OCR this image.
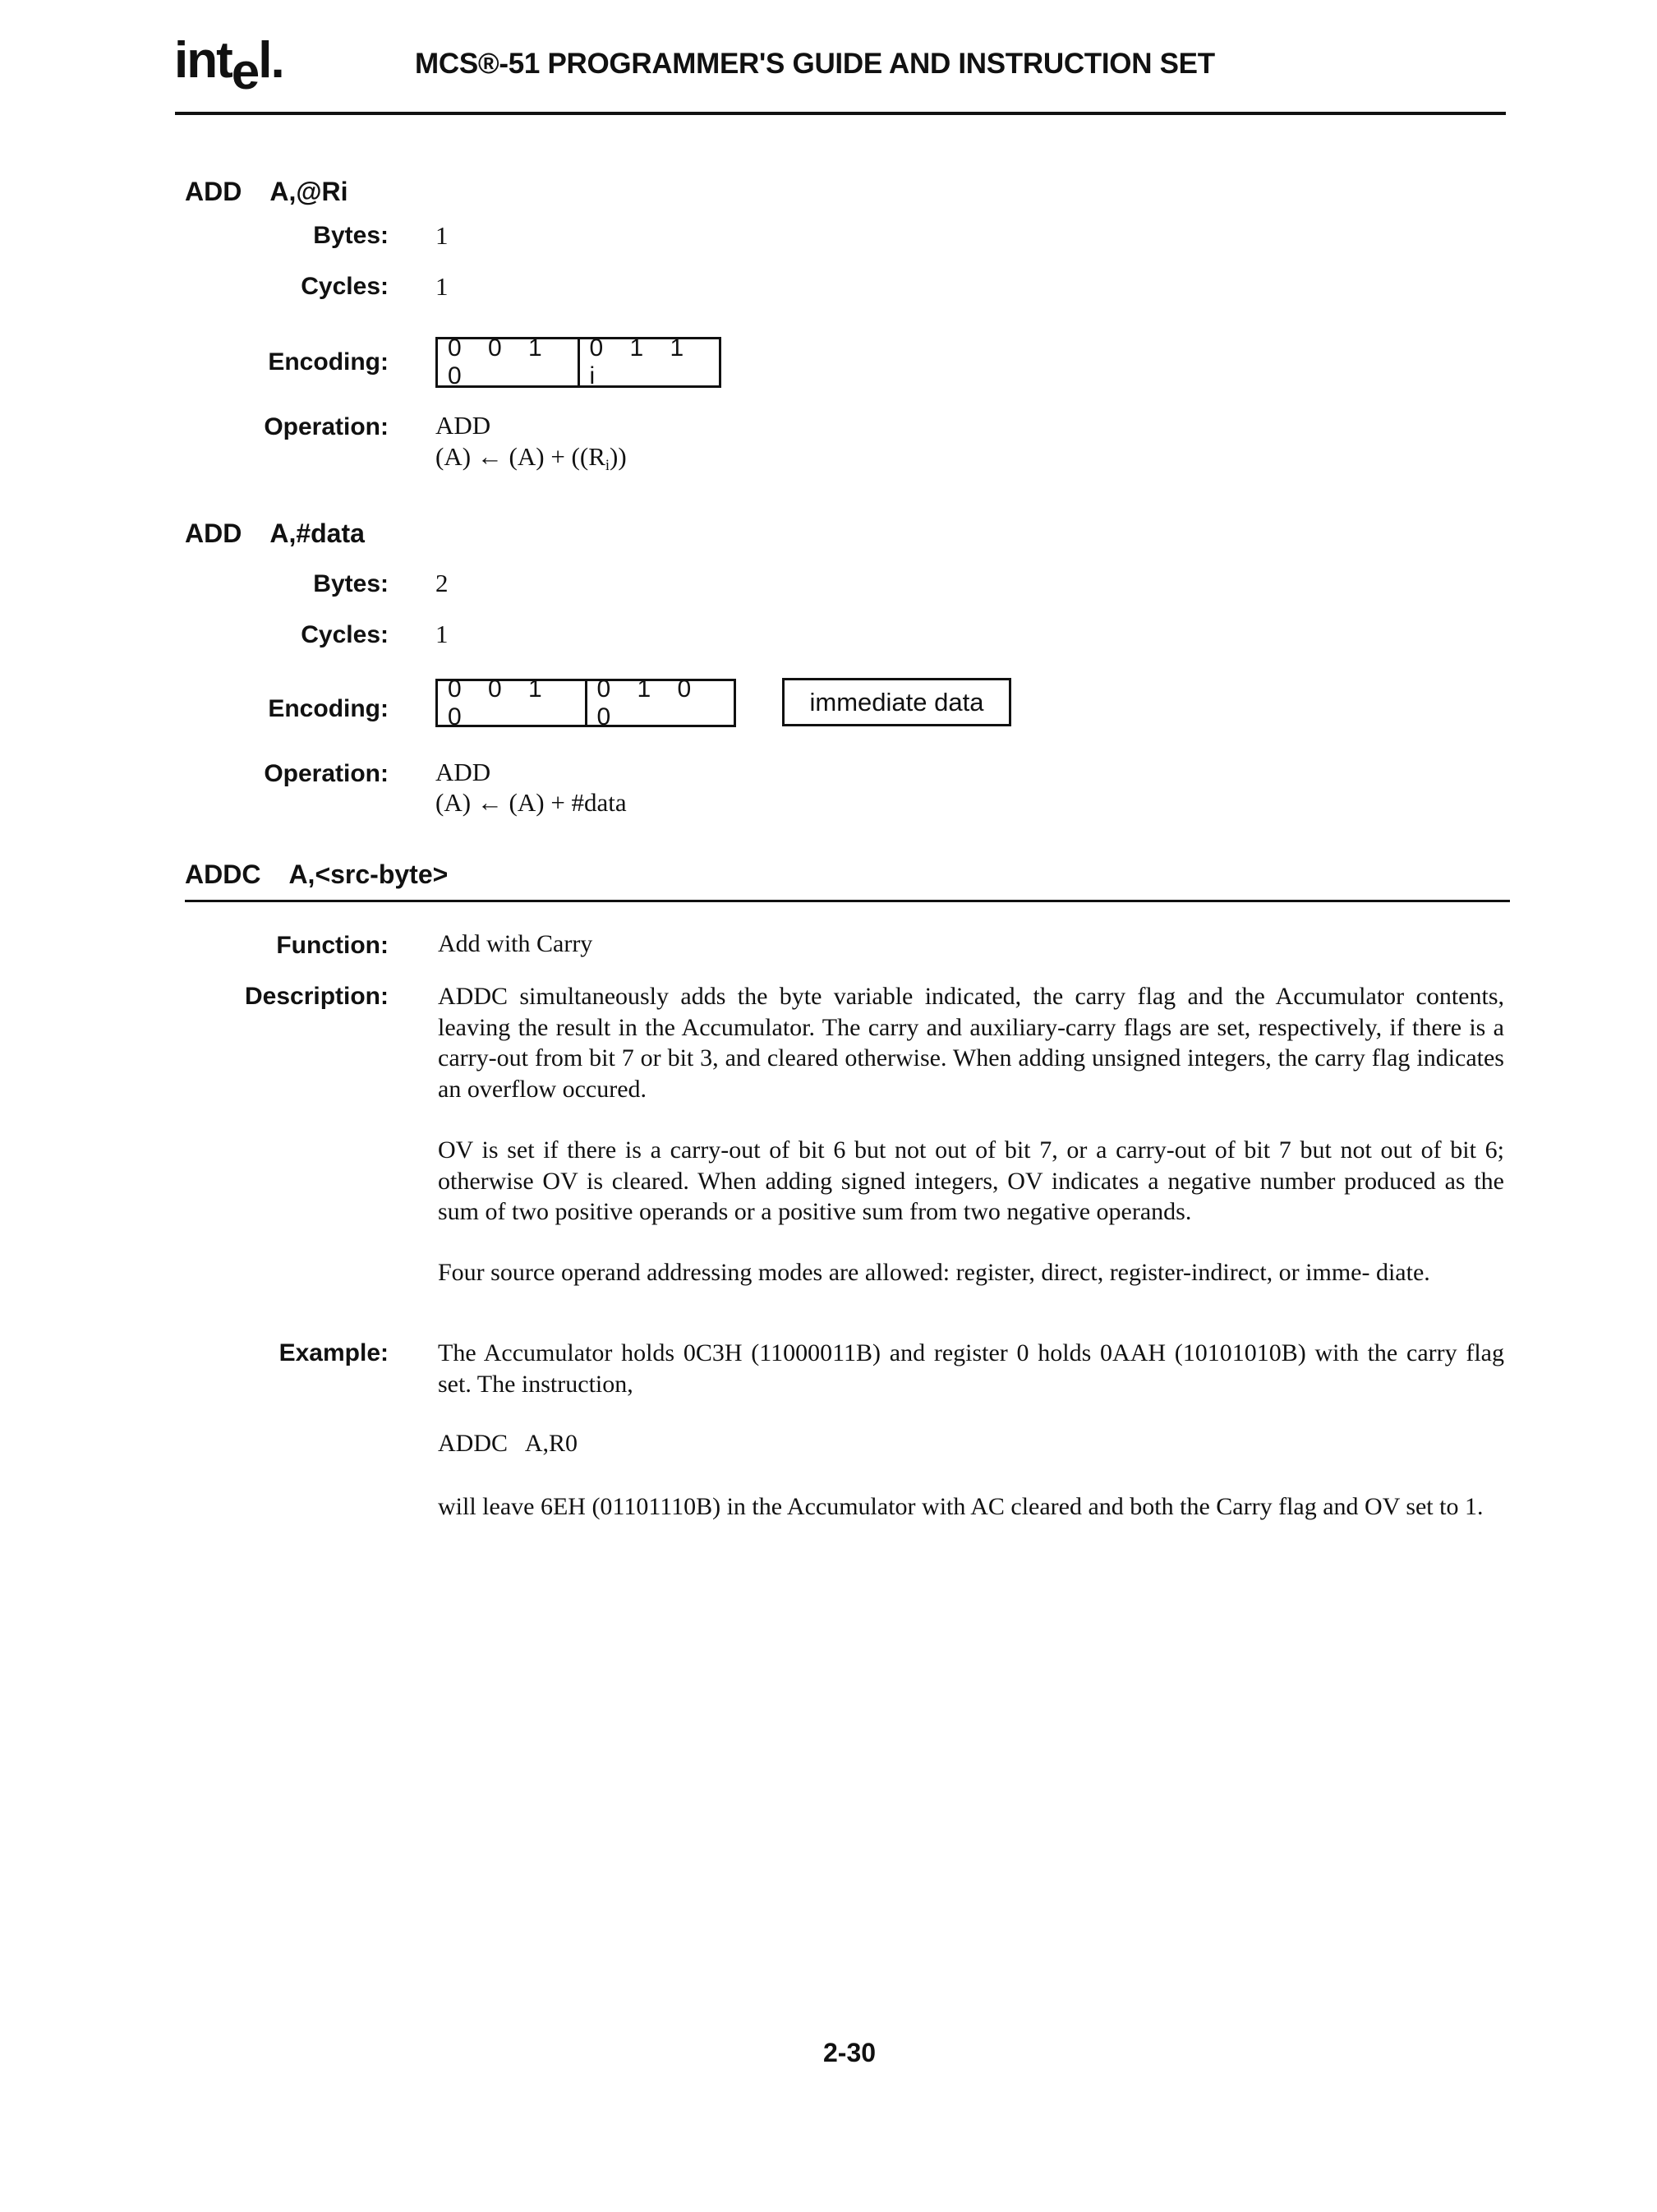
intel.	MCS®-51 PROGRAMMER'S GUIDE AND INSTRUCTION SET
ADD A,@Ri
Bytes: 1
Cycles: 1
Encoding:
0 0 1 0
0 1 1 i
Operation: ADD
(A) ← $(A) + ((R_i))$
ADD A,#data
Bytes: 2
Cycles: 1
Encoding:
0 0 1 0
0 1 0 0
immediate data
Operation: ADD
(A) ← (A) + #data
ADDC A,<src-byte>
Function: Add with Carry
Description: ADDC simultaneously adds the byte variable indicated, the carry flag and the Accumulator contents, leaving the result in the Accumulator. The carry and auxiliary-carry flags are set, respectively, if there is a carry-out from bit 7 or bit 3, and cleared otherwise. When adding unsigned integers, the carry flag indicates an overflow occured.
OV is set if there is a carry-out of bit 6 but not out of bit 7, or a carry-out of bit 7 but not out of bit 6; otherwise OV is cleared. When adding signed integers, OV indicates a negative number produced as the sum of two positive operands or a positive sum from two negative operands.
Four source operand addressing modes are allowed: register, direct, register-indirect, or imme- diate.
Example: The Accumulator holds 0C3H (11000011B) and register 0 holds 0AAH (10101010B) with the carry flag set. The instruction,
ADDC   A,R0
will leave 6EH (01101110B) in the Accumulator with AC cleared and both the Carry flag and OV set to 1.
2-30
